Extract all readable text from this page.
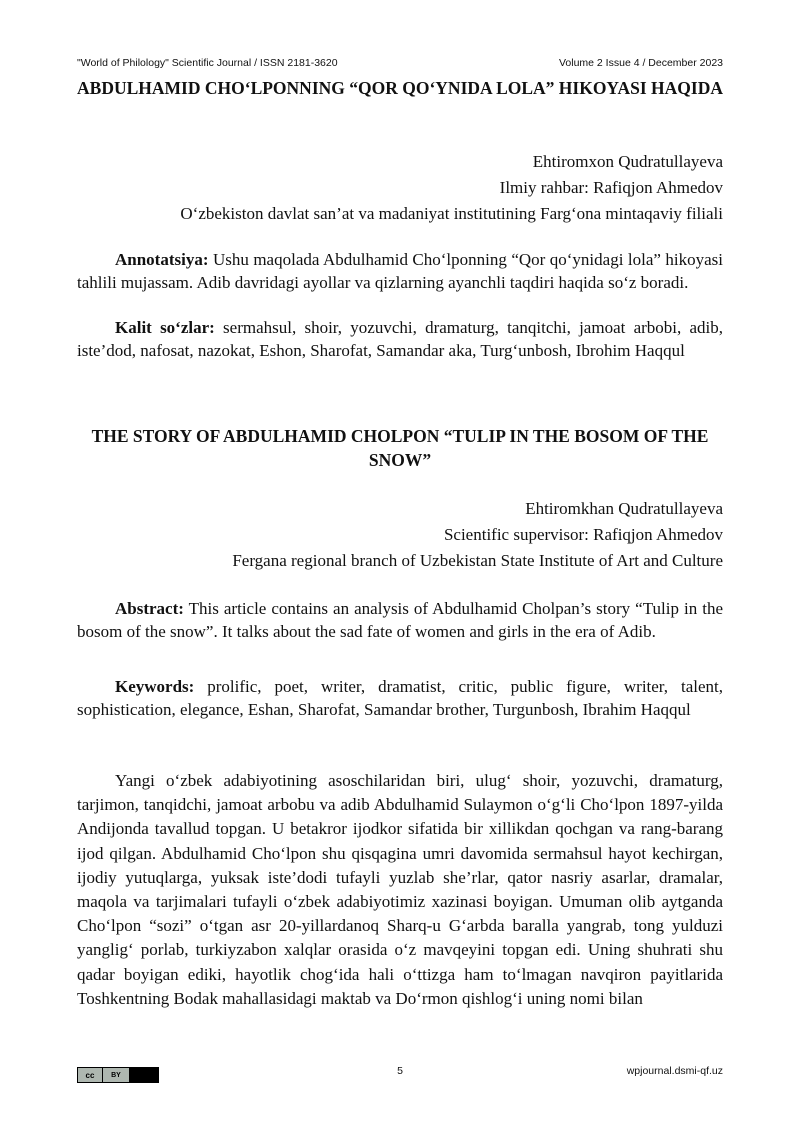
"World of Philology" Scientific Journal / ISSN 2181-3620	Volume 2 Issue 4 / December 2023
ABDULHAMID CHO‘LPONNING “QOR QO‘YNIDA LOLA” HIKOYASI HAQIDA
Ehtiromxon Qudratullayeva
Ilmiy rahbar: Rafiqjon Ahmedov
O‘zbekiston davlat san’at va madaniyat institutining Farg‘ona mintaqaviy filiali

Annotatsiya: Ushu maqolada Abdulhamid Cho‘lponning “Qor qo‘ynidagi lola” hikoyasi tahlili mujassam. Adib davridagi ayollar va qizlarning ayanchli taqdiri haqida so‘z boradi.

Kalit so‘zlar: sermahsul, shoir, yozuvchi, dramaturg, tanqitchi, jamoat arbobi, adib, iste’dod, nafosat, nazokat, Eshon, Sharofat, Samandar aka, Turg‘unbosh, Ibrohim Haqqul

THE STORY OF ABDULHAMID CHOLPON “TULIP IN THE BOSOM OF THE SNOW”
Ehtiromkhan Qudratullayeva
Scientific supervisor: Rafiqjon Ahmedov
Fergana regional branch of Uzbekistan State Institute of Art and Culture

Abstract: This article contains an analysis of Abdulhamid Cholpan’s story “Tulip in the bosom of the snow”. It talks about the sad fate of women and girls in the era of Adib.

Keywords: prolific, poet, writer, dramatist, critic, public figure, writer, talent, sophistication, elegance, Eshan, Sharofat, Samandar brother, Turgunbosh, Ibrahim Haqqul

Yangi o‘zbek adabiyotining asoschilaridan biri, ulug‘ shoir, yozuvchi, dramaturg, tarjimon, tanqidchi, jamoat arbobu va adib Abdulhamid Sulaymon o‘g‘li Cho‘lpon 1897-yilda Andijonda tavallud topgan. U betakror ijodkor sifatida bir xillikdan qochgan va rang-barang ijod qilgan. Abdulhamid Cho‘lpon shu qisqagina umri davomida sermahsul hayot kechirgan, ijodiy yutuqlarga, yuksak iste’dodi tufayli yuzlab she’rlar, qator nasriy asarlar, dramalar, maqola va tarjimalari tufayli o‘zbek adabiyotimiz xazinasi boyigan. Umuman olib aytganda Cho‘lpon “sozi” o‘tgan asr 20-yillardanoq Sharq-u G‘arbda baralla yangrab, tong yulduzi yanglig‘ porlab, turkiyzabon xalqlar orasida o‘z mavqeyini topgan edi. Uning shuhrati shu qadar boyigan ediki, hayotlik chog‘ida hali o‘ttizga ham to‘lmagan navqiron payitlarida Toshkentning Bodak mahallasidagi maktab va Do‘rmon qishlog‘i uning nomi bilan

cc	BY	5	wpjournal.dsmi-qf.uz
